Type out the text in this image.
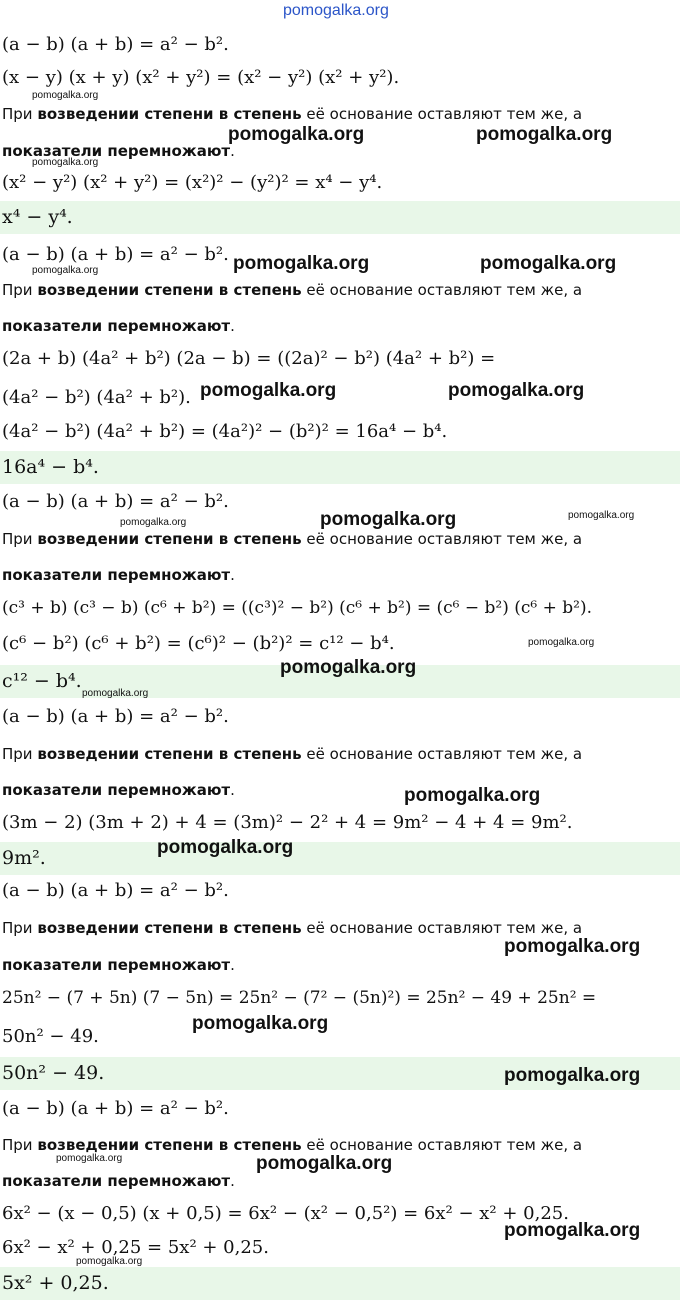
pomogalka.org
(a − b) (a + b) = a² − b².
(x − y) (x + y) (x² + y²) = (x² − y²) (x² + y²).
При возведении степени в степень её основание оставляют тем же, а
показатели перемножают.
(x² − y²) (x² + y²) = (x²)² − (y²)² = x⁴ − y⁴.
x⁴ − y⁴.
(a − b) (a + b) = a² − b².
При возведении степени в степень её основание оставляют тем же, а
показатели перемножают.
(2a + b) (4a² + b²) (2a − b) = ((2a)² − b²) (4a² + b²) =
(4a² − b²) (4a² + b²).
(4a² − b²) (4a² + b²) = (4a²)² − (b²)² = 16a⁴ − b⁴.
16a⁴ − b⁴.
(a − b) (a + b) = a² − b².
При возведении степени в степень её основание оставляют тем же, а
показатели перемножают.
(c³ + b) (c³ − b) (c⁶ + b²) = ((c³)² − b²) (c⁶ + b²) = (c⁶ − b²) (c⁶ + b²).
(c⁶ − b²) (c⁶ + b²) = (c⁶)² − (b²)² = c¹² − b⁴.
c¹² − b⁴.
(a − b) (a + b) = a² − b².
При возведении степени в степень её основание оставляют тем же, а
показатели перемножают.
(3m − 2) (3m + 2) + 4 = (3m)² − 2² + 4 = 9m² − 4 + 4 = 9m².
9m².
(a − b) (a + b) = a² − b².
При возведении степени в степень её основание оставляют тем же, а
показатели перемножают.
25n² − (7 + 5n) (7 − 5n) = 25n² − (7² − (5n)²) = 25n² − 49 + 25n² =
50n² − 49.
50n² − 49.
(a − b) (a + b) = a² − b².
При возведении степени в степень её основание оставляют тем же, а
показатели перемножают.
6x² − (x − 0,5) (x + 0,5) = 6x² − (x² − 0,5²) = 6x² − x² + 0,25.
6x² − x² + 0,25 = 5x² + 0,25.
5x² + 0,25.
pomogalka.org
pomogalka.org	pomogalka.org
pomogalka.org
pomogalka.org	pomogalka.org
pomogalka.org
pomogalka.org	pomogalka.org
pomogalka.org	pomogalka.org	pomogalka.org
pomogalka.org
pomogalka.org
pomogalka.org
pomogalka.org
pomogalka.org
pomogalka.org
pomogalka.org
pomogalka.org
pomogalka.org	pomogalka.org
pomogalka.org
pomogalka.org
